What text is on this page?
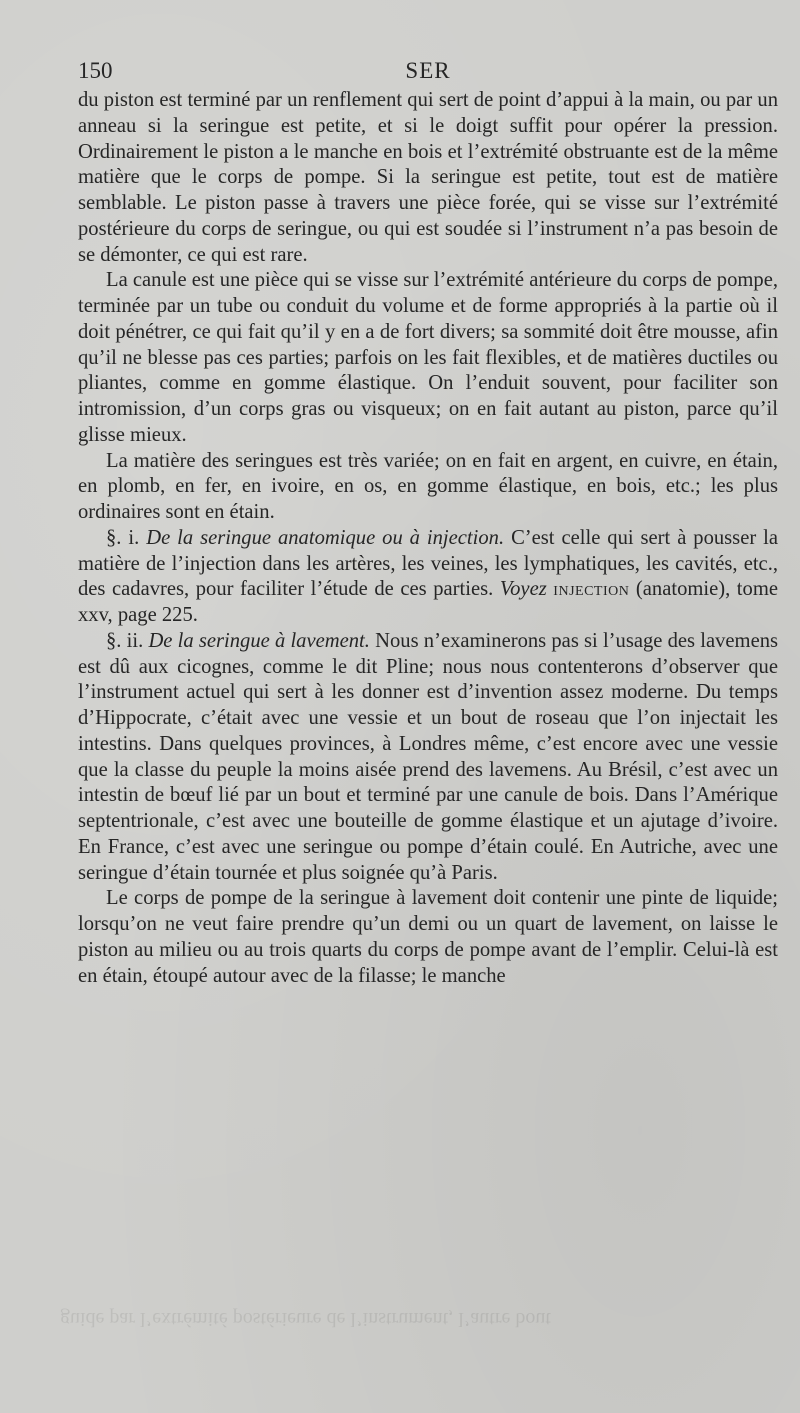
150	SER

du piston est terminé par un renflement qui sert de point d’appui à la main, ou par un anneau si la seringue est petite, et si le doigt suffit pour opérer la pression. Ordinairement le piston a le manche en bois et l’extrémité obstruante est de la même matière que le corps de pompe. Si la seringue est petite, tout est de matière semblable. Le piston passe à travers une pièce forée, qui se visse sur l’extrémité postérieure du corps de seringue, ou qui est soudée si l’instrument n’a pas besoin de se démonter, ce qui est rare.

La canule est une pièce qui se visse sur l’extrémité antérieure du corps de pompe, terminée par un tube ou conduit du volume et de forme appropriés à la partie où il doit pénétrer, ce qui fait qu’il y en a de fort divers; sa sommité doit être mousse, afin qu’il ne blesse pas ces parties; parfois on les fait flexibles, et de matières ductiles ou pliantes, comme en gomme élastique. On l’enduit souvent, pour faciliter son intromission, d’un corps gras ou visqueux; on en fait autant au piston, parce qu’il glisse mieux.

La matière des seringues est très variée; on en fait en argent, en cuivre, en étain, en plomb, en fer, en ivoire, en os, en gomme élastique, en bois, etc.; les plus ordinaires sont en étain.

§. i. De la seringue anatomique ou à injection. C’est celle qui sert à pousser la matière de l’injection dans les artères, les veines, les lymphatiques, les cavités, etc., des cadavres, pour faciliter l’étude de ces parties. Voyez injection (anatomie), tome xxv, page 225.

§. ii. De la seringue à lavement. Nous n’examinerons pas si l’usage des lavemens est dû aux cicognes, comme le dit Pline; nous nous contenterons d’observer que l’instrument actuel qui sert à les donner est d’invention assez moderne. Du temps d’Hippocrate, c’était avec une vessie et un bout de roseau que l’on injectait les intestins. Dans quelques provinces, à Londres même, c’est encore avec une vessie que la classe du peuple la moins aisée prend des lavemens. Au Brésil, c’est avec un intestin de bœuf lié par un bout et terminé par une canule de bois. Dans l’Amérique septentrionale, c’est avec une bouteille de gomme élastique et un ajutage d’ivoire. En France, c’est avec une seringue ou pompe d’étain coulé. En Autriche, avec une seringue d’étain tournée et plus soignée qu’à Paris.

Le corps de pompe de la seringue à lavement doit contenir une pinte de liquide; lorsqu’on ne veut faire prendre qu’un demi ou un quart de lavement, on laisse le piston au milieu ou au trois quarts du corps de pompe avant de l’emplir. Celui-là est en étain, étoupé autour avec de la filasse; le manche

guide par l’extrémité postérieure de l’instrument, l’autre bout
